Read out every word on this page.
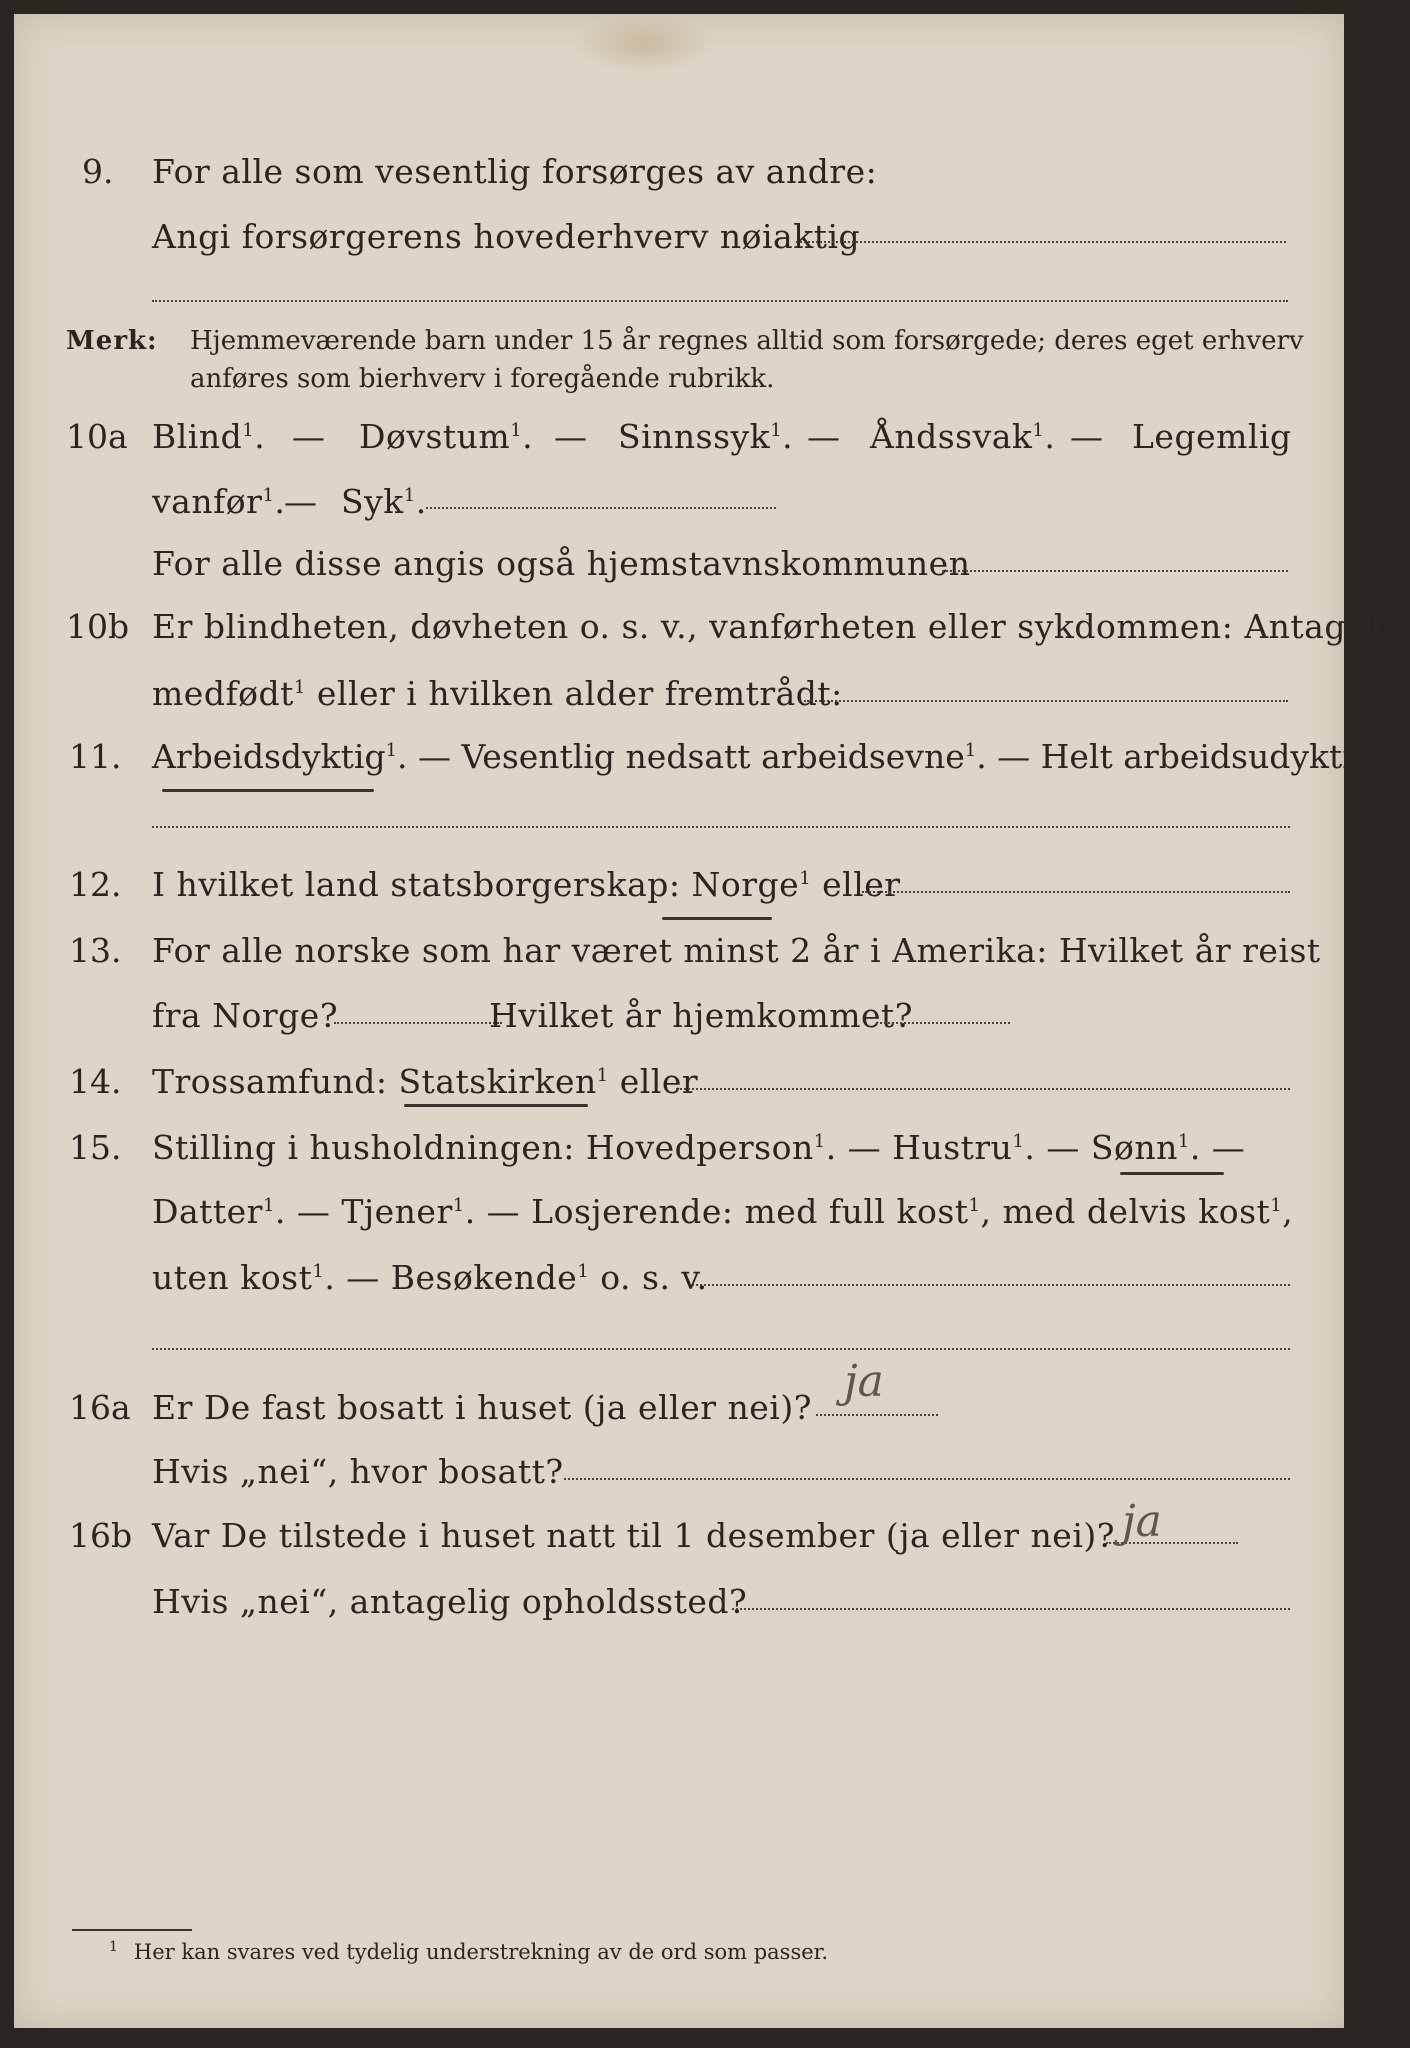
9. For alle som vesentlig forsørges av andre:
Angi forsørgerens hovederhverv nøiaktig
Merk: Hjemmeværende barn under 15 år regnes alltid som forsørgede; deres eget erhverv
anføres som bierhverv i foregående rubrikk.
10a Blind$^1$. — Døvstum$^1$. — Sinnssyk$^1$. — Åndssvak$^1$. — Legemlig
vanfør$^1$.
— Syk$^1$.
For alle disse angis også hjemstavnskommunen
10b Er blindheten, døvheten o. s. v., vanførheten eller sykdommen: Antagelig
medfødt$^1$ eller i hvilken alder fremtrådt:
11. Arbeidsdyktig$^1$. — Vesentlig nedsatt arbeidsevne$^1$. — Helt arbeidsudyktig$^1$.
12. I hvilket land statsborgerskap: Norge$^1$ eller
13. For alle norske som har været minst 2 år i Amerika: Hvilket år reist
fra Norge?	Hvilket år hjemkommet?
14. Trossamfund: Statskirken$^1$ eller
15. Stilling i husholdningen: Hovedperson$^1$. — Hustru$^1$. — Sønn$^1$. —
Datter$^1$. — Tjener$^1$. — Losjerende: med full kost$^1$, med delvis kost$^1$,
uten kost$^1$. — Besøkende$^1$ o. s. v.
16a Er De fast bosatt i huset (ja eller nei)?
ja
Hvis „nei“, hvor bosatt?
16b Var De tilstede i huset natt til 1 desember (ja eller nei)? ja
Hvis „nei“, antagelig opholdssted?
$^1$ Her kan svares ved tydelig understrekning av de ord som passer.
